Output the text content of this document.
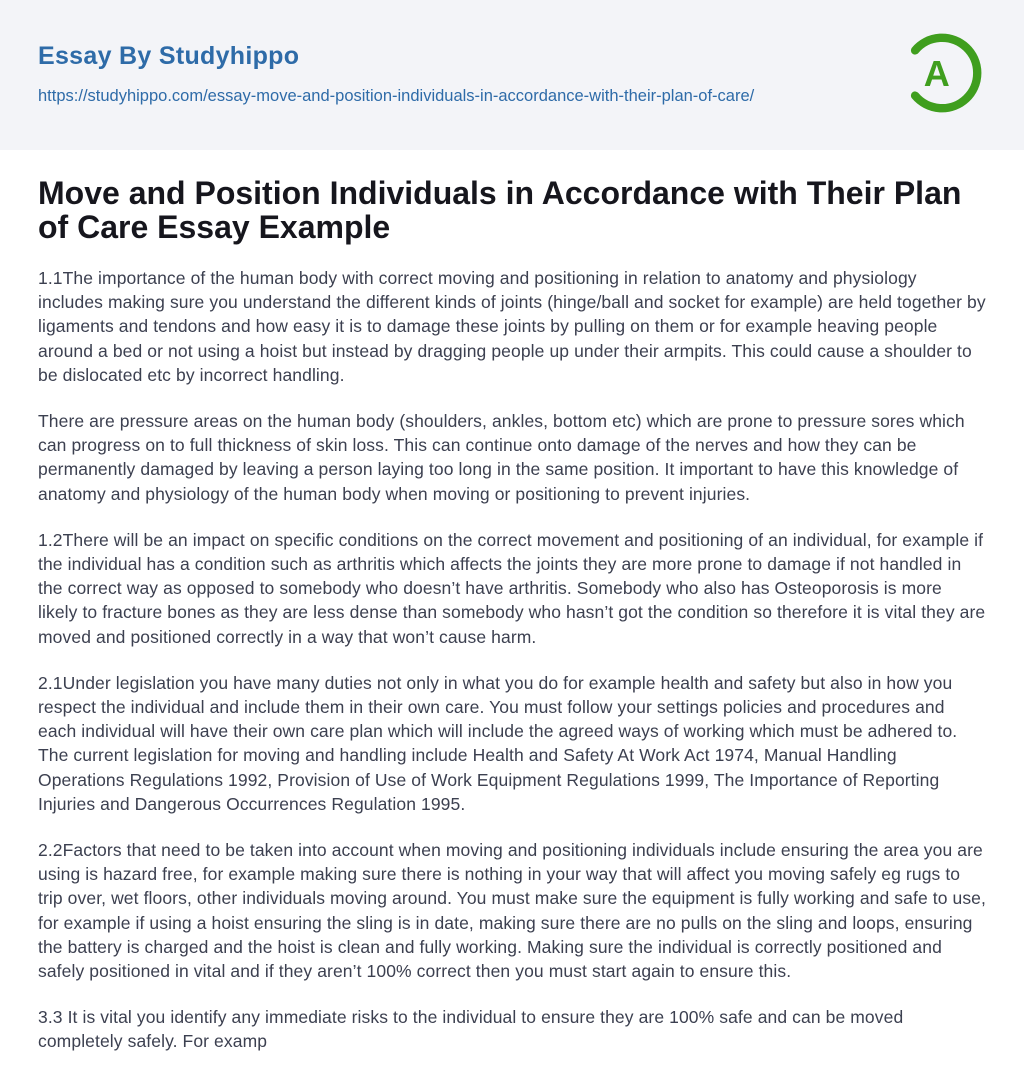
Essay By Studyhippo
https://studyhippo.com/essay-move-and-position-individuals-in-accordance-with-their-plan-of-care/
A
Move and Position Individuals in Accordance with Their Plan of Care Essay Example

1.1The importance of the human body with correct moving and positioning in relation to anatomy and physiology includes making sure you understand the different kinds of joints (hinge/ball and socket for example) are held together by ligaments and tendons and how easy it is to damage these joints by pulling on them or for example heaving people around a bed or not using a hoist but instead by dragging people up under their armpits. This could cause a shoulder to be dislocated etc by incorrect handling.

There are pressure areas on the human body (shoulders, ankles, bottom etc) which are prone to pressure sores which can progress on to full thickness of skin loss. This can continue onto damage of the nerves and how they can be permanently damaged by leaving a person laying too long in the same position. It important to have this knowledge of anatomy and physiology of the human body when moving or positioning to prevent injuries.

1.2There will be an impact on specific conditions on the correct movement and positioning of an individual, for example if the individual has a condition such as arthritis which affects the joints they are more prone to damage if not handled in the correct way as opposed to somebody who doesn’t have arthritis. Somebody who also has Osteoporosis is more likely to fracture bones as they are less dense than somebody who hasn’t got the condition so therefore it is vital they are moved and positioned correctly in a way that won’t cause harm.

2.1Under legislation you have many duties not only in what you do for example health and safety but also in how you respect the individual and include them in their own care. You must follow your settings policies and procedures and each individual will have their own care plan which will include the agreed ways of working which must be adhered to. The current legislation for moving and handling include Health and Safety At Work Act 1974, Manual Handling Operations Regulations 1992, Provision of Use of Work Equipment Regulations 1999, The Importance of Reporting Injuries and Dangerous Occurrences Regulation 1995.

2.2Factors that need to be taken into account when moving and positioning individuals include ensuring the area you are using is hazard free, for example making sure there is nothing in your way that will affect you moving safely eg rugs to trip over, wet floors, other individuals moving around. You must make sure the equipment is fully working and safe to use, for example if using a hoist ensuring the sling is in date, making sure there are no pulls on the sling and loops, ensuring the battery is charged and the hoist is clean and fully working. Making sure the individual is correctly positioned and safely positioned in vital and if they aren’t 100% correct then you must start again to ensure this.

3.3 It is vital you identify any immediate risks to the individual to ensure they are 100% safe and can be moved completely safely. For examp
